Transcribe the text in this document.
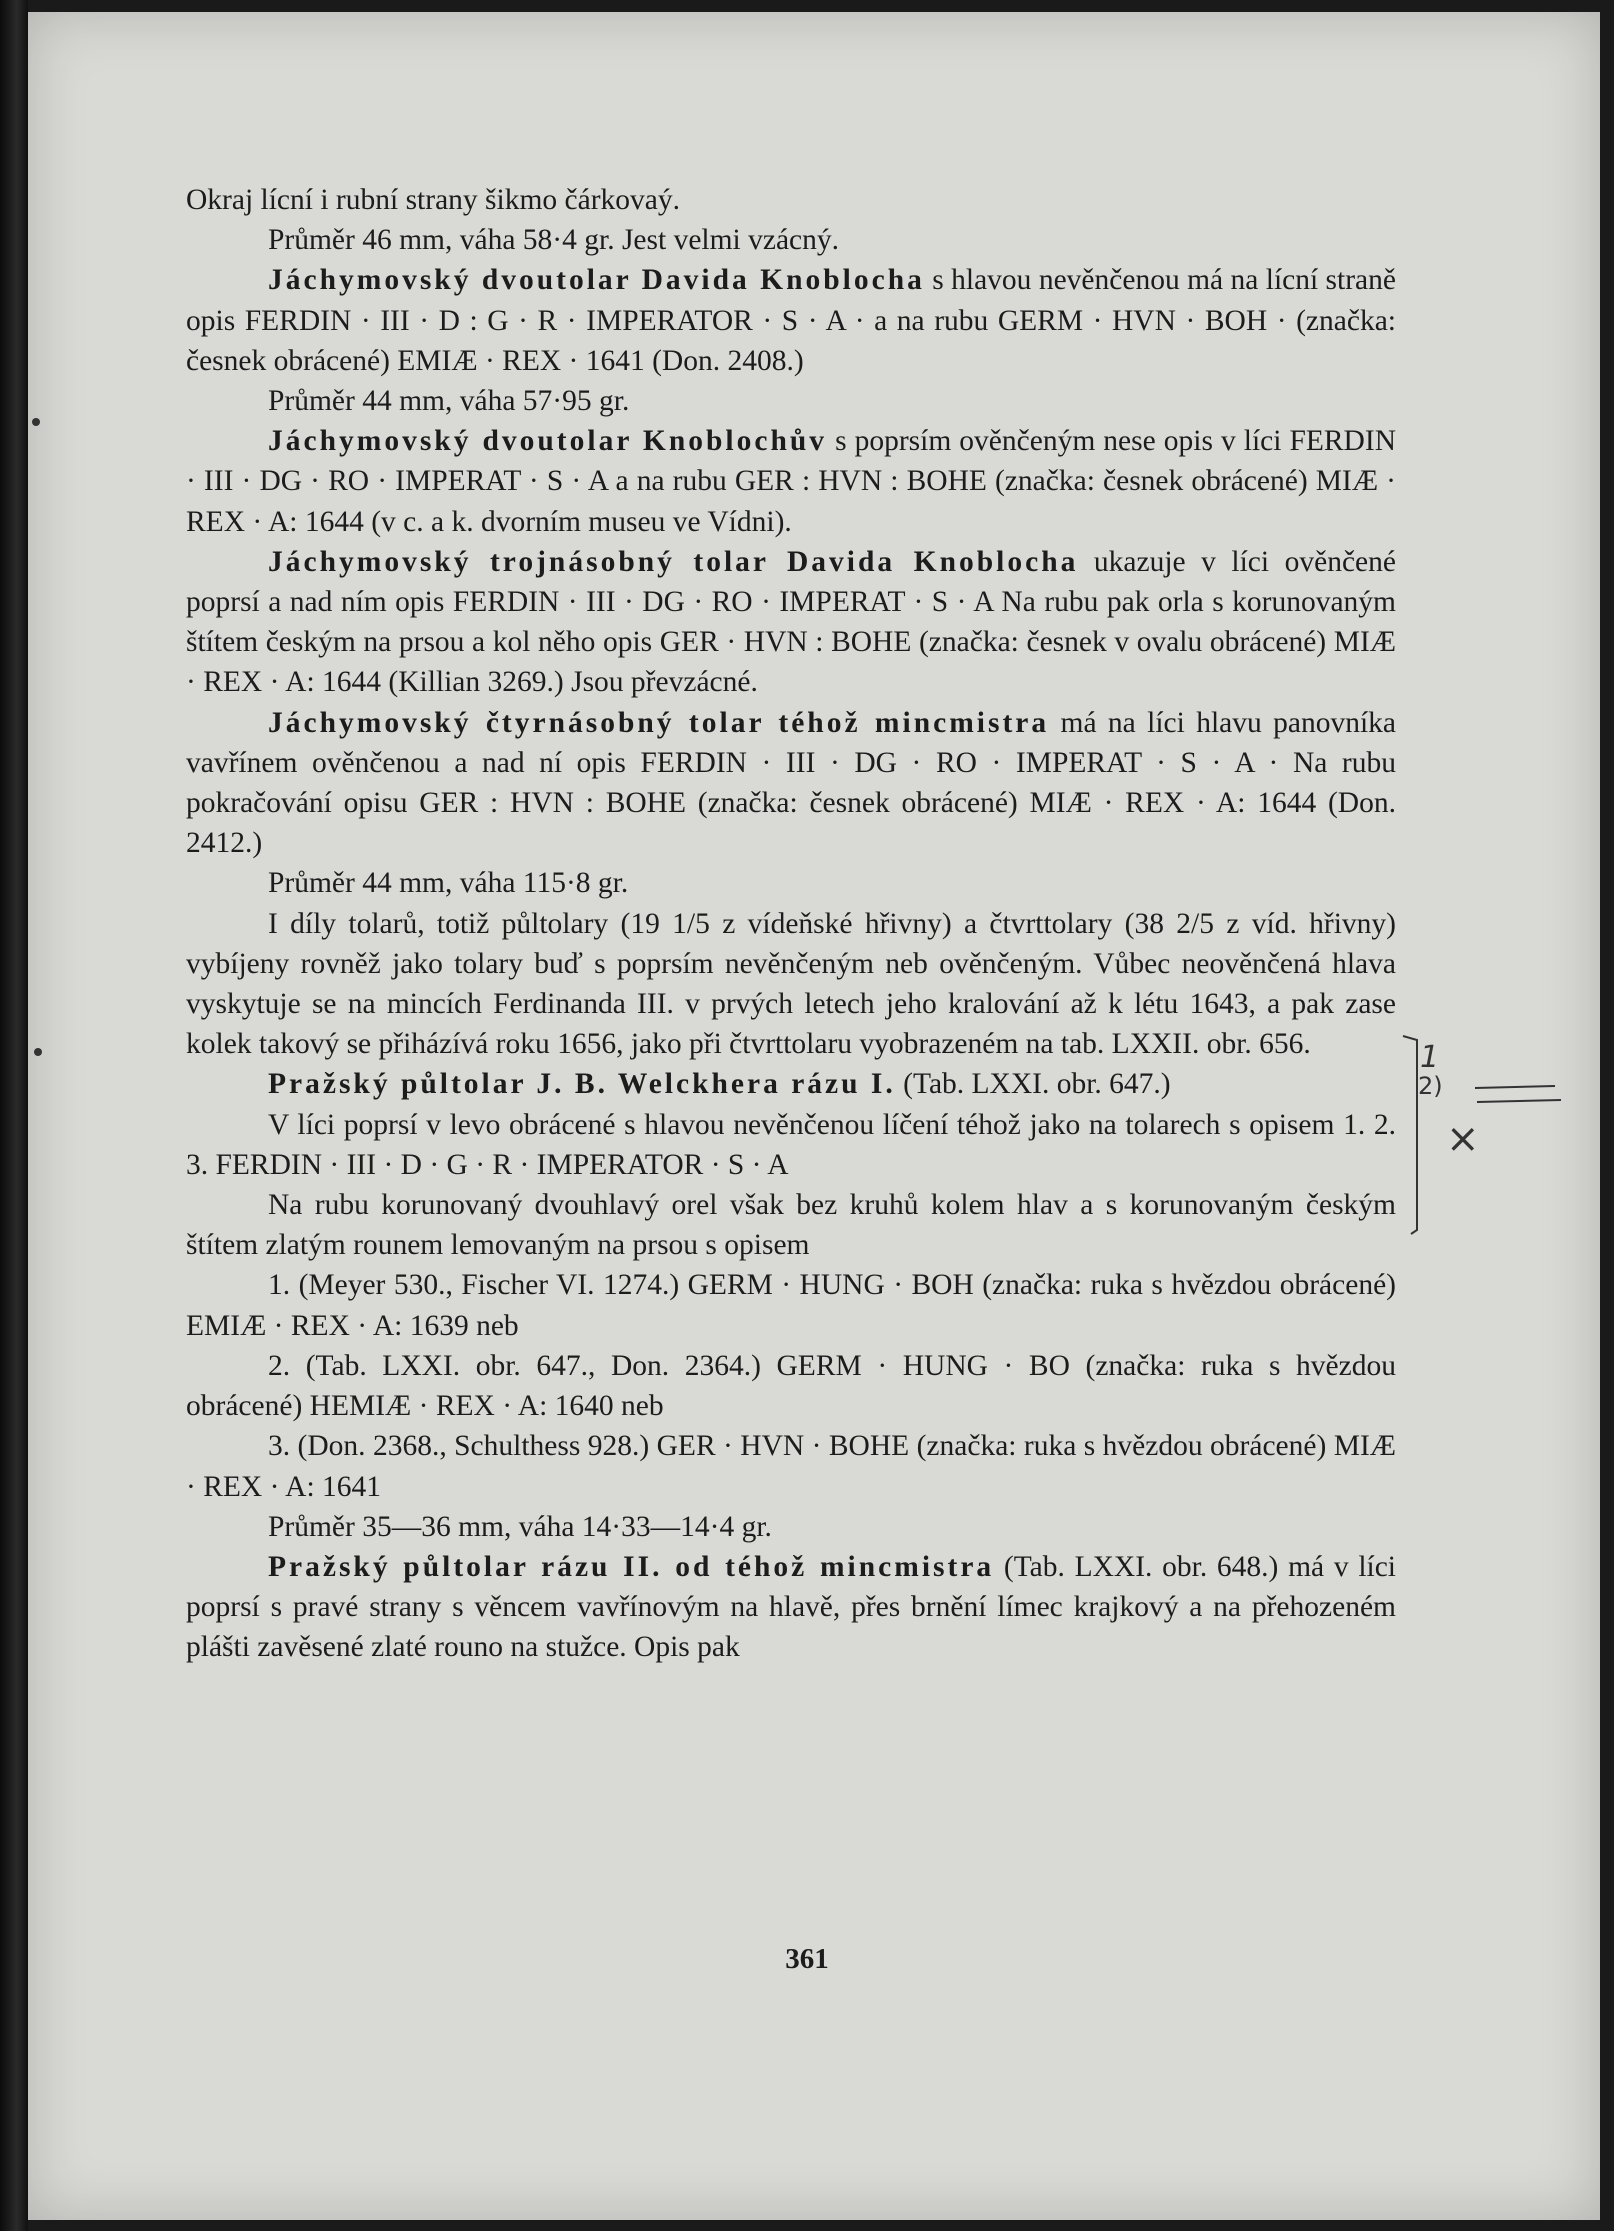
Okraj lícní i rubní strany šikmo čárkovaý.

Průměr 46 mm, váha 58·4 gr. Jest velmi vzácný.

Jáchymovský dvoutolar Davida Knoblocha s hlavou nevěnčenou má na lícní straně opis FERDIN · III · D : G · R · IMPERATOR · S · A · a na rubu GERM · HVN · BOH · (značka: česnek obrácené) EMIÆ · REX · 1641 (Don. 2408.)

Průměr 44 mm, váha 57·95 gr.

Jáchymovský dvoutolar Knoblochův s poprsím ověnčeným nese opis v líci FERDIN · III · DG · RO · IMPERAT · S · A a na rubu GER : HVN : BOHE (značka: česnek obrácené) MIÆ · REX · A: 1644 (v c. a k. dvorním museu ve Vídni).

Jáchymovský trojnásobný tolar Davida Knoblocha ukazuje v líci ověnčené poprsí a nad ním opis FERDIN · III · DG · RO · IMPERAT · S · A Na rubu pak orla s korunovaným štítem českým na prsou a kol něho opis GER · HVN : BOHE (značka: česnek v ovalu obrácené) MIÆ · REX · A: 1644 (Killian 3269.) Jsou převzácné.

Jáchymovský čtyrnásobný tolar téhož mincmistra má na líci hlavu panovníka vavřínem ověnčenou a nad ní opis FERDIN · III · DG · RO · IMPERAT · S · A · Na rubu pokračování opisu GER : HVN : BOHE (značka: česnek obrácené) MIÆ · REX · A: 1644 (Don. 2412.)

Průměr 44 mm, váha 115·8 gr.

I díly tolarů, totiž půltolary (19 1/5 z vídeňské hřivny) a čtvrttolary (38 2/5 z víd. hřivny) vybíjeny rovněž jako tolary buď s poprsím nevěnčeným neb ověnčeným. Vůbec neověnčená hlava vyskytuje se na mincích Ferdinanda III. v prvých letech jeho kralování až k létu 1643, a pak zase kolek takový se přiházívá roku 1656, jako při čtvrttolaru vyobrazeném na tab. LXXII. obr. 656.

Pražský půltolar J. B. Welckhera rázu I. (Tab. LXXI. obr. 647.)

V líci poprsí v levo obrácené s hlavou nevěnčenou líčení téhož jako na tolarech s opisem 1. 2. 3. FERDIN · III · D · G · R · IMPERATOR · S · A

Na rubu korunovaný dvouhlavý orel však bez kruhů kolem hlav a s korunovaným českým štítem zlatým rounem lemovaným na prsou s opisem

1. (Meyer 530., Fischer VI. 1274.) GERM · HUNG · BOH (značka: ruka s hvězdou obrácené) EMIÆ · REX · A: 1639 neb

2. (Tab. LXXI. obr. 647., Don. 2364.) GERM · HUNG · BO (značka: ruka s hvězdou obrácené) HEMIÆ · REX · A: 1640 neb

3. (Don. 2368., Schulthess 928.) GER · HVN · BOHE (značka: ruka s hvězdou obrácené) MIÆ · REX · A: 1641

Průměr 35—36 mm, váha 14·33—14·4 gr.

Pražský půltolar rázu II. od téhož mincmistra (Tab. LXXI. obr. 648.) má v líci poprsí s pravé strany s věncem vavřínovým na hlavě, přes brnění límec krajkový a na přehozeném plášti zavěsené zlaté rouno na stužce. Opis pak

361
1
2)
×
